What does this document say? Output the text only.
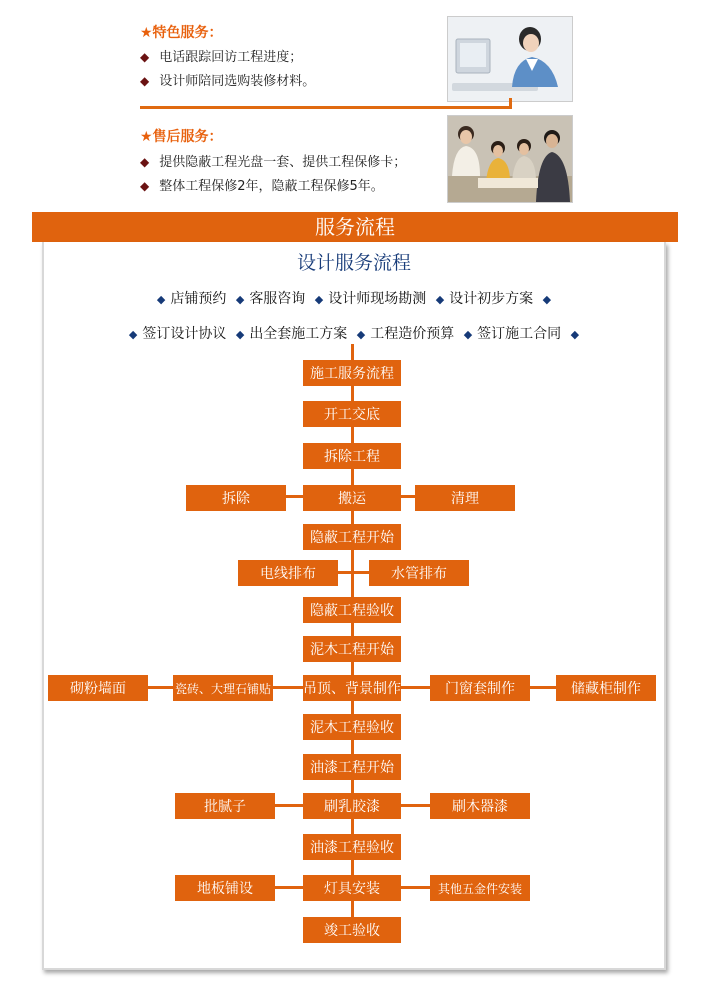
★特色服务：
◆ 电话跟踪回访工程进度；
◆ 设计师陪同选购装修材料。
★售后服务：
◆ 提供隐蔽工程光盘一套、提供工程保修卡；
◆ 整体工程保修2年，隐蔽工程保修5年。
服务流程
设计服务流程
◆ 店铺预约 ◆ 客服咨询 ◆ 设计师现场勘测 ◆ 设计初步方案 ◆
◆ 签订设计协议 ◆ 出全套施工方案 ◆ 工程造价预算 ◆ 签订施工合同 ◆
施工服务流程
开工交底
拆除工程
拆除	搬运	清理
隐蔽工程开始
电线排布	水管排布
隐蔽工程验收
泥木工程开始
砌粉墙面	瓷砖、大理石铺贴 吊顶、背景制作	门窗套制作	储藏柜制作
泥木工程验收
油漆工程开始
批腻子	刷乳胶漆	刷木器漆
油漆工程验收
地板铺设	灯具安装	其他五金件安装
竣工验收
